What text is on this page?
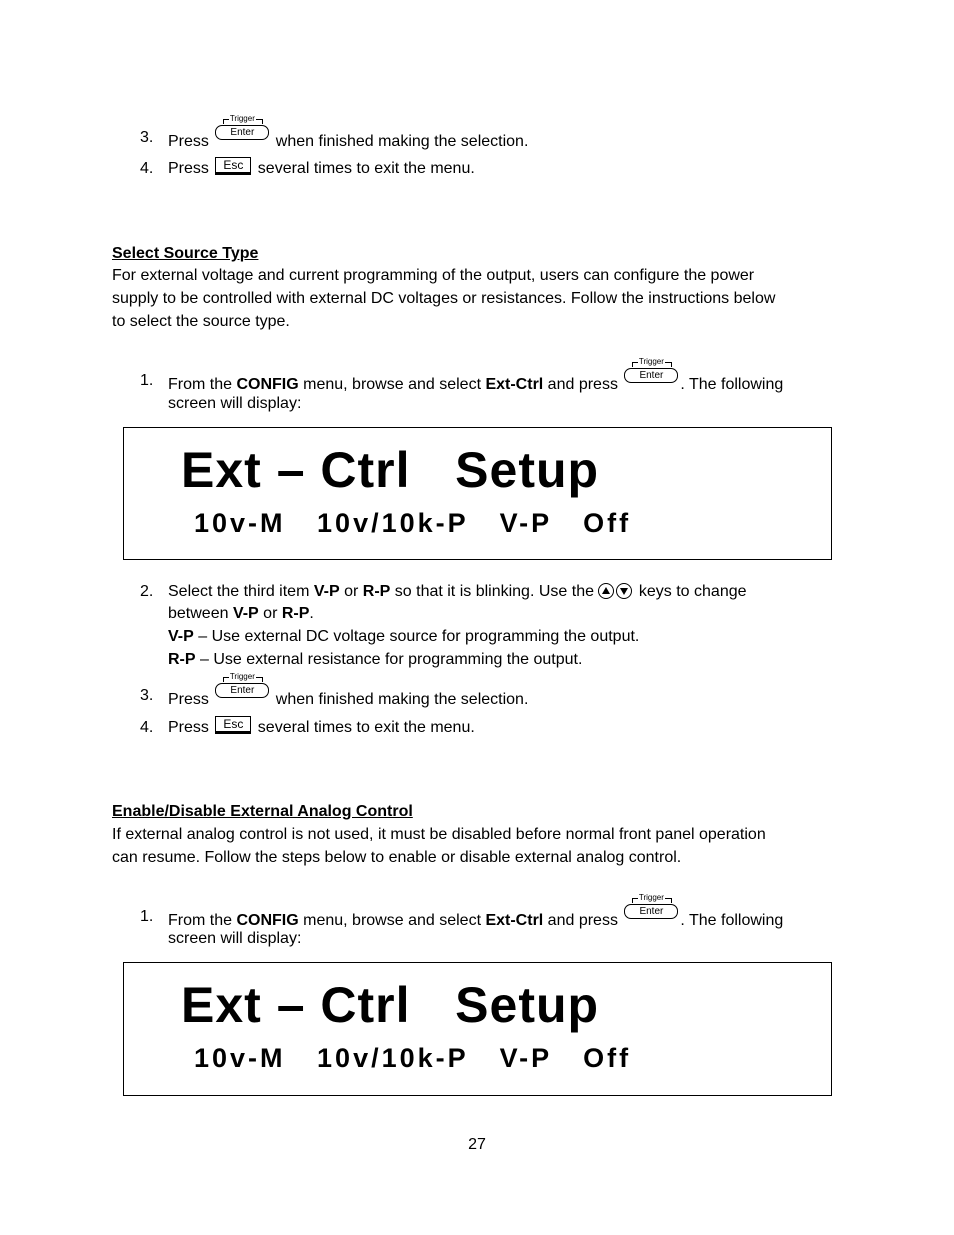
3. Press
Trigger
Enter
when finished making the selection.
4. Press Esc several times to exit the menu.
Select Source Type
For external voltage and current programming of the output, users can configure the power
supply to be controlled with external DC voltages or resistances. Follow the instructions below
to select the source type.
1. From the CONFIG menu, browse and select Ext-Ctrl and press
Trigger
Enter
. The following
screen will display:
Ext – Ctrl   Setup
10v-M   10v/10k-P   V-P   Off
2. Select the third item V-P or R-P so that it is blinking. Use the
keys to change
between V-P or R-P.
V-P – Use external DC voltage source for programming the output.
R-P – Use external resistance for programming the output.
3. Press
Trigger
Enter
when finished making the selection.
4. Press Esc several times to exit the menu.
Enable/Disable External Analog Control
If external analog control is not used, it must be disabled before normal front panel operation
can resume. Follow the steps below to enable or disable external analog control.
1. From the CONFIG menu, browse and select Ext-Ctrl and press
Trigger
Enter
. The following
screen will display:
Ext – Ctrl   Setup
10v-M   10v/10k-P   V-P   Off
27
